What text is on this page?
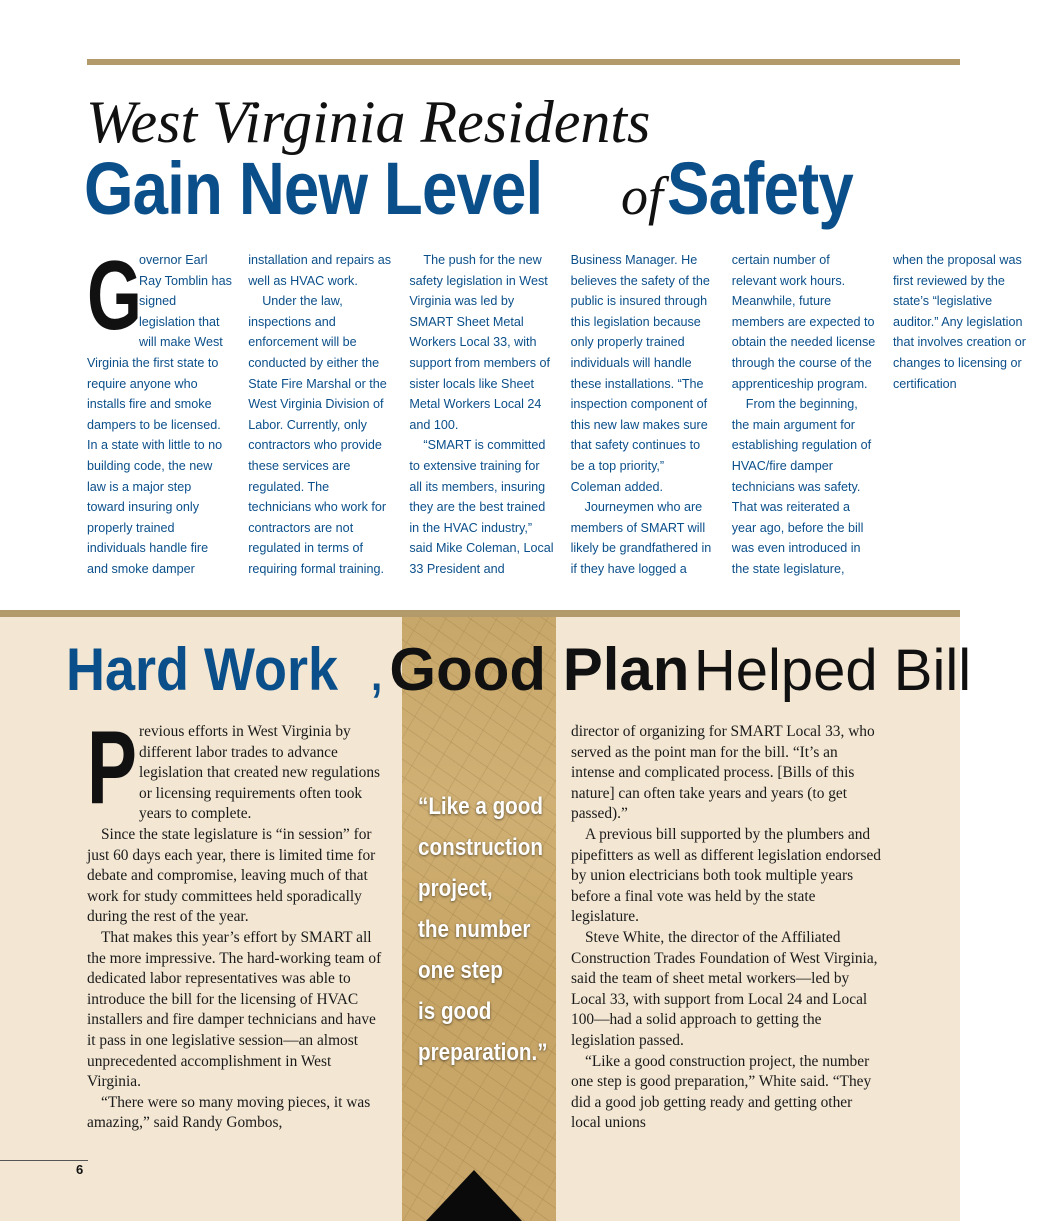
West Virginia Residents
Gain New Level ofSafety

G
overnor Earl Ray Tomblin has signed legislation that will make West Virginia the first state to require anyone who installs fire and smoke dampers to be licensed. In a state with little to no building code, the new law is a major step toward insuring only properly trained individuals handle fire and smoke damper installation and repairs as well as HVAC work.

Under the law, inspections and enforcement will be conducted by either the State Fire Marshal or the West Virginia Division of Labor. Currently, only contractors who provide these services are regulated. The technicians who work for contractors are not regulated in terms of requiring formal training.

The push for the new safety legislation in West Virginia was led by SMART Sheet Metal Workers Local 33, with support from members of sister locals like Sheet Metal Workers Local 24 and 100.

“SMART is committed to extensive training for all its members, insuring they are the best trained in the HVAC industry,” said Mike Coleman, Local 33 President and Business Manager. He believes the safety of the public is insured through this legislation because only properly trained individuals will handle these installations. “The inspection component of this new law makes sure that safety continues to be a top priority,” Coleman added.

Journeymen who are members of SMART will likely be grandfathered in if they have logged a certain number of relevant work hours. Meanwhile, future members are expected to obtain the needed license through the course of the apprenticeship program.

From the beginning, the main argument for establishing regulation of HVAC/fire damper technicians was safety. That was reiterated a year ago, before the bill was even introduced in the state legislature, when the proposal was first reviewed by the state’s “legislative auditor.” Any legislation that involves creation or changes to licensing or certification

Hard Work , Good Plan Helped Bill
“Like a good
construction
project,
the number
one step
is good
preparation.”

Previous efforts in West Virginia by different labor trades to advance legislation that created new regulations or licensing requirements often took years to complete.

Since the state legislature is “in session” for just 60 days each year, there is limited time for debate and compromise, leaving much of that work for study committees held sporadically during the rest of the year.

That makes this year’s effort by SMART all the more impressive. The hard-working team of dedicated labor representatives was able to introduce the bill for the licensing of HVAC installers and fire damper technicians and have it pass in one legislative session—an almost unprecedented accomplishment in West Virginia.

“There were so many moving pieces, it was amazing,” said Randy Gombos,

director of organizing for SMART Local 33, who served as the point man for the bill. “It’s an intense and complicated process. [Bills of this nature] can often take years and years (to get passed).”

A previous bill supported by the plumbers and pipefitters as well as different legislation endorsed by union electricians both took multiple years before a final vote was held by the state legislature.

Steve White, the director of the Affiliated Construction Trades Foundation of West Virginia, said the team of sheet metal workers—led by Local 33, with support from Local 24 and Local 100—had a solid approach to getting the legislation passed.

“Like a good construction project, the number one step is good preparation,” White said. “They did a good job getting ready and getting other local unions

6
